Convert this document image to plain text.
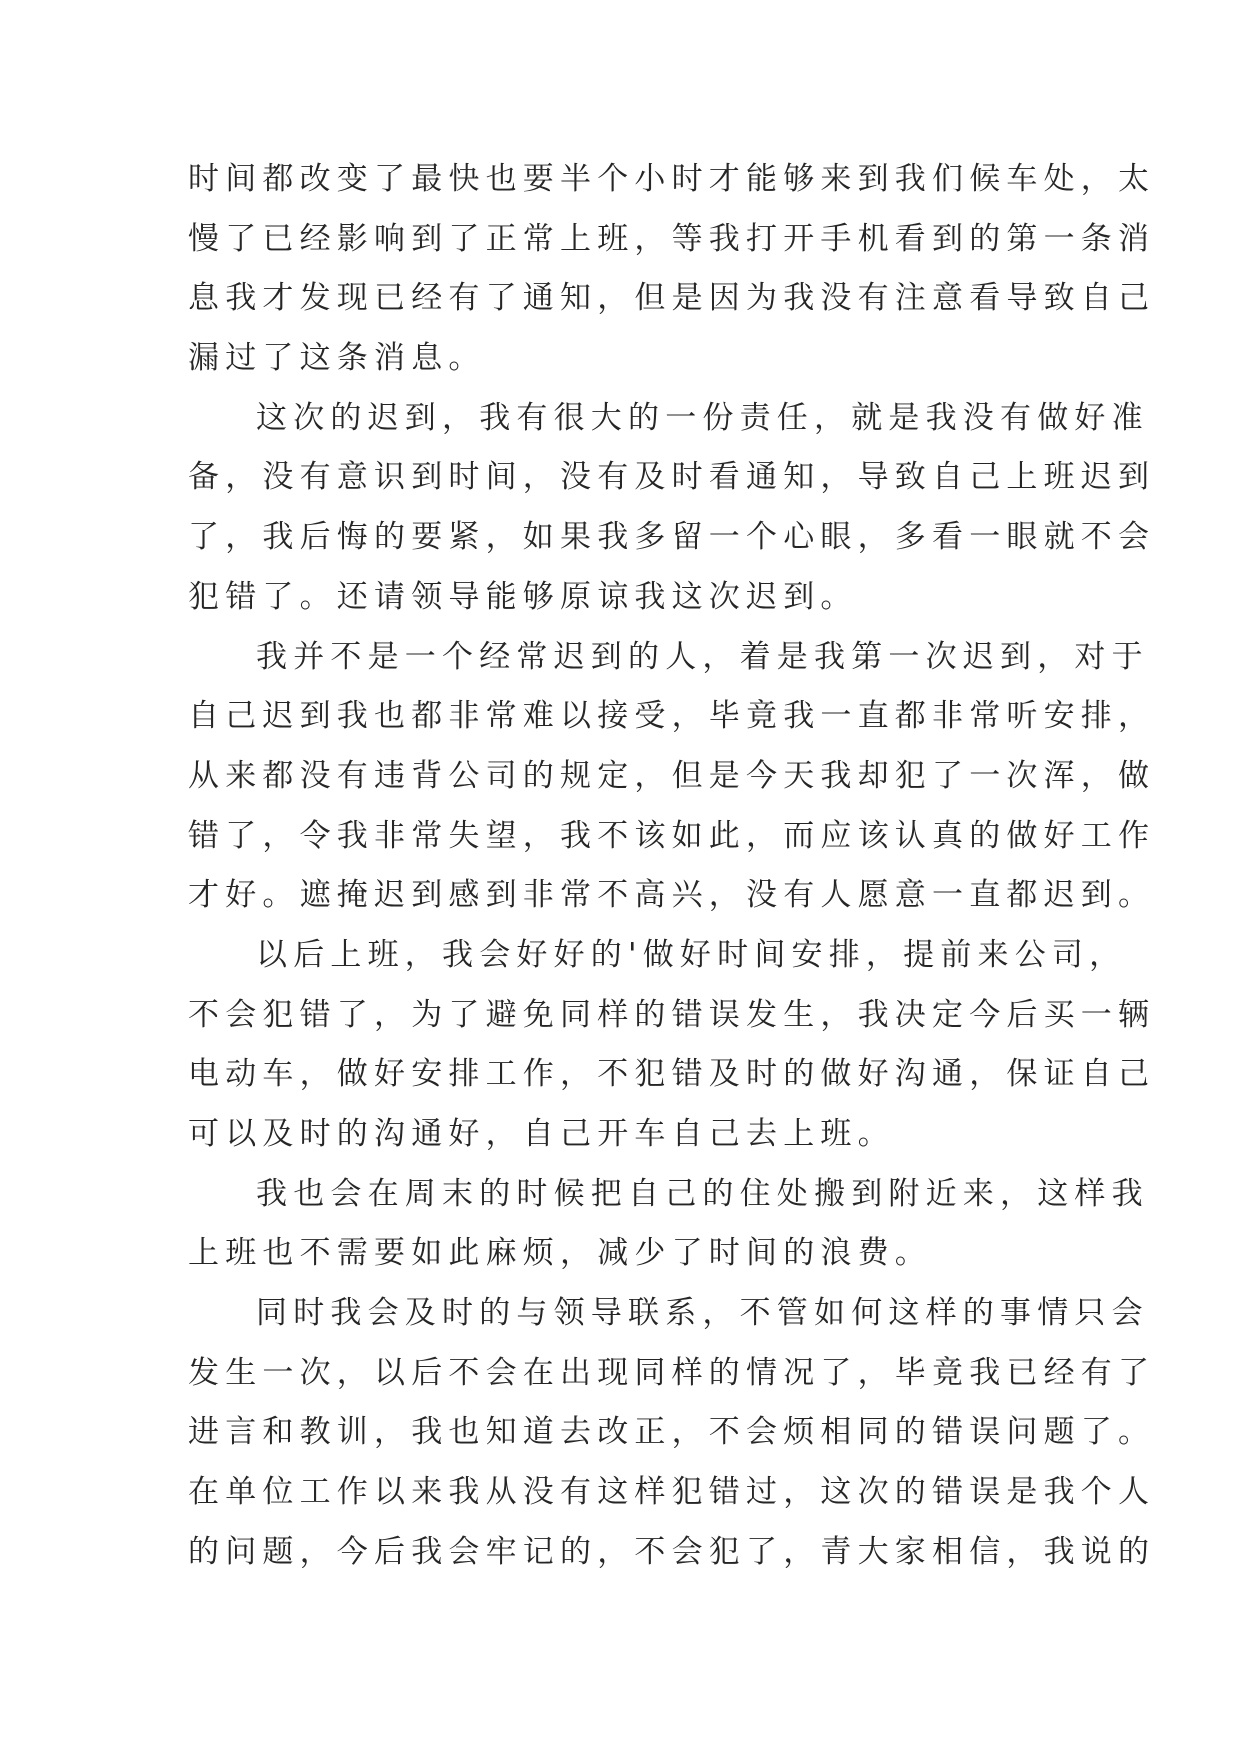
时间都改变了最快也要半个小时才能够来到我们候车处，太
慢了已经影响到了正常上班，等我打开手机看到的第一条消
息我才发现已经有了通知，但是因为我没有注意看导致自己
漏过了这条消息。
这次的迟到，我有很大的一份责任，就是我没有做好准
备，没有意识到时间，没有及时看通知，导致自己上班迟到
了，我后悔的要紧，如果我多留一个心眼，多看一眼就不会
犯错了。还请领导能够原谅我这次迟到。
我并不是一个经常迟到的人，着是我第一次迟到，对于
自己迟到我也都非常难以接受，毕竟我一直都非常听安排，
从来都没有违背公司的规定，但是今天我却犯了一次浑，做
错了，令我非常失望，我不该如此，而应该认真的做好工作
才好。遮掩迟到感到非常不高兴，没有人愿意一直都迟到。
以后上班，我会好好的'做好时间安排，提前来公司，
不会犯错了，为了避免同样的错误发生，我决定今后买一辆
电动车，做好安排工作，不犯错及时的做好沟通，保证自己
可以及时的沟通好，自己开车自己去上班。
我也会在周末的时候把自己的住处搬到附近来，这样我
上班也不需要如此麻烦，减少了时间的浪费。
同时我会及时的与领导联系，不管如何这样的事情只会
发生一次，以后不会在出现同样的情况了，毕竟我已经有了
进言和教训，我也知道去改正，不会烦相同的错误问题了。
在单位工作以来我从没有这样犯错过，这次的错误是我个人
的问题，今后我会牢记的，不会犯了，青大家相信，我说的
